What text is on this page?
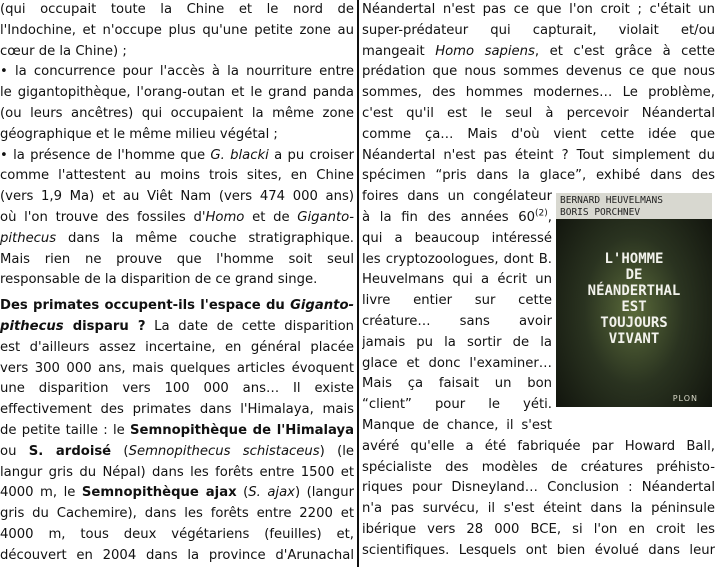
(qui occupait toute la Chine et le nord de
l'Indochine, et n'occupe plus qu'une petite zone au
cœur de la Chine) ;
• la concurrence pour l'accès à la nourriture entre
le gigantopithèque, l'orang-outan et le grand panda
(ou leurs ancêtres) qui occupaient la même zone
géographique et le même milieu végétal ;
• la présence de l'homme que G. blacki a pu croiser
comme l'attestent au moins trois sites, en Chine
(vers 1,9 Ma) et au Viêt Nam (vers 474 000 ans)
où l'on trouve des fossiles d'Homo et de Giganto-
pithecus dans la même couche stratigraphique.
Mais rien ne prouve que l'homme soit seul
responsable de la disparition de ce grand singe.
Des primates occupent-ils l'espace du Giganto-
pithecus disparu ? La date de cette disparition
est d'ailleurs assez incertaine, en général placée
vers 300 000 ans, mais quelques articles évoquent
une disparition vers 100 000 ans… Il existe
effectivement des primates dans l'Himalaya, mais
de petite taille : le Semnopithèque de l'Himalaya
ou S. ardoisé (Semnopithecus schistaceus) (le
langur gris du Népal) dans les forêts entre 1500 et
4000 m, le Semnopithèque ajax (S. ajax) (langur
gris du Cachemire), dans les forêts entre 2200 et
4000 m, tous deux végétariens (feuilles) et,
découvert en 2004 dans la province d'Arunachal
Néandertal n'est pas ce que l'on croit ; c'était un
super-prédateur qui capturait, violait et/ou
mangeait Homo sapiens, et c'est grâce à cette
prédation que nous sommes devenus ce que nous
sommes, des hommes modernes… Le problème,
c'est qu'il est le seul à percevoir Néandertal
comme ça… Mais d'où vient cette idée que
Néandertal n'est pas éteint ? Tout simplement du
spécimen “pris dans la glace”, exhibé dans des
foires dans un congélateur
à la fin des années 60$^{(2)}$,
qui a beaucoup intéressé
les cryptozoologues, dont B.
Heuvelmans qui a écrit un
livre entier sur cette
créature… sans avoir
jamais pu la sortir de la
glace et donc l'examiner…
Mais ça faisait un bon
“client” pour le yéti.
Manque de chance, il s'est
avéré qu'elle a été fabriquée par Howard Ball,
spécialiste des modèles de créatures préhisto-
riques pour Disneyland… Conclusion : Néandertal
n'a pas survécu, il s'est éteint dans la péninsule
ibérique vers 28 000 BCE, si l'on en croit les
scientifiques. Lesquels ont bien évolué dans leur
BERNARD HEUVELMANS
BORIS PORCHNEV
L'HOMME
DE
NÉANDERTHAL
EST
TOUJOURS
VIVANT
PLON
